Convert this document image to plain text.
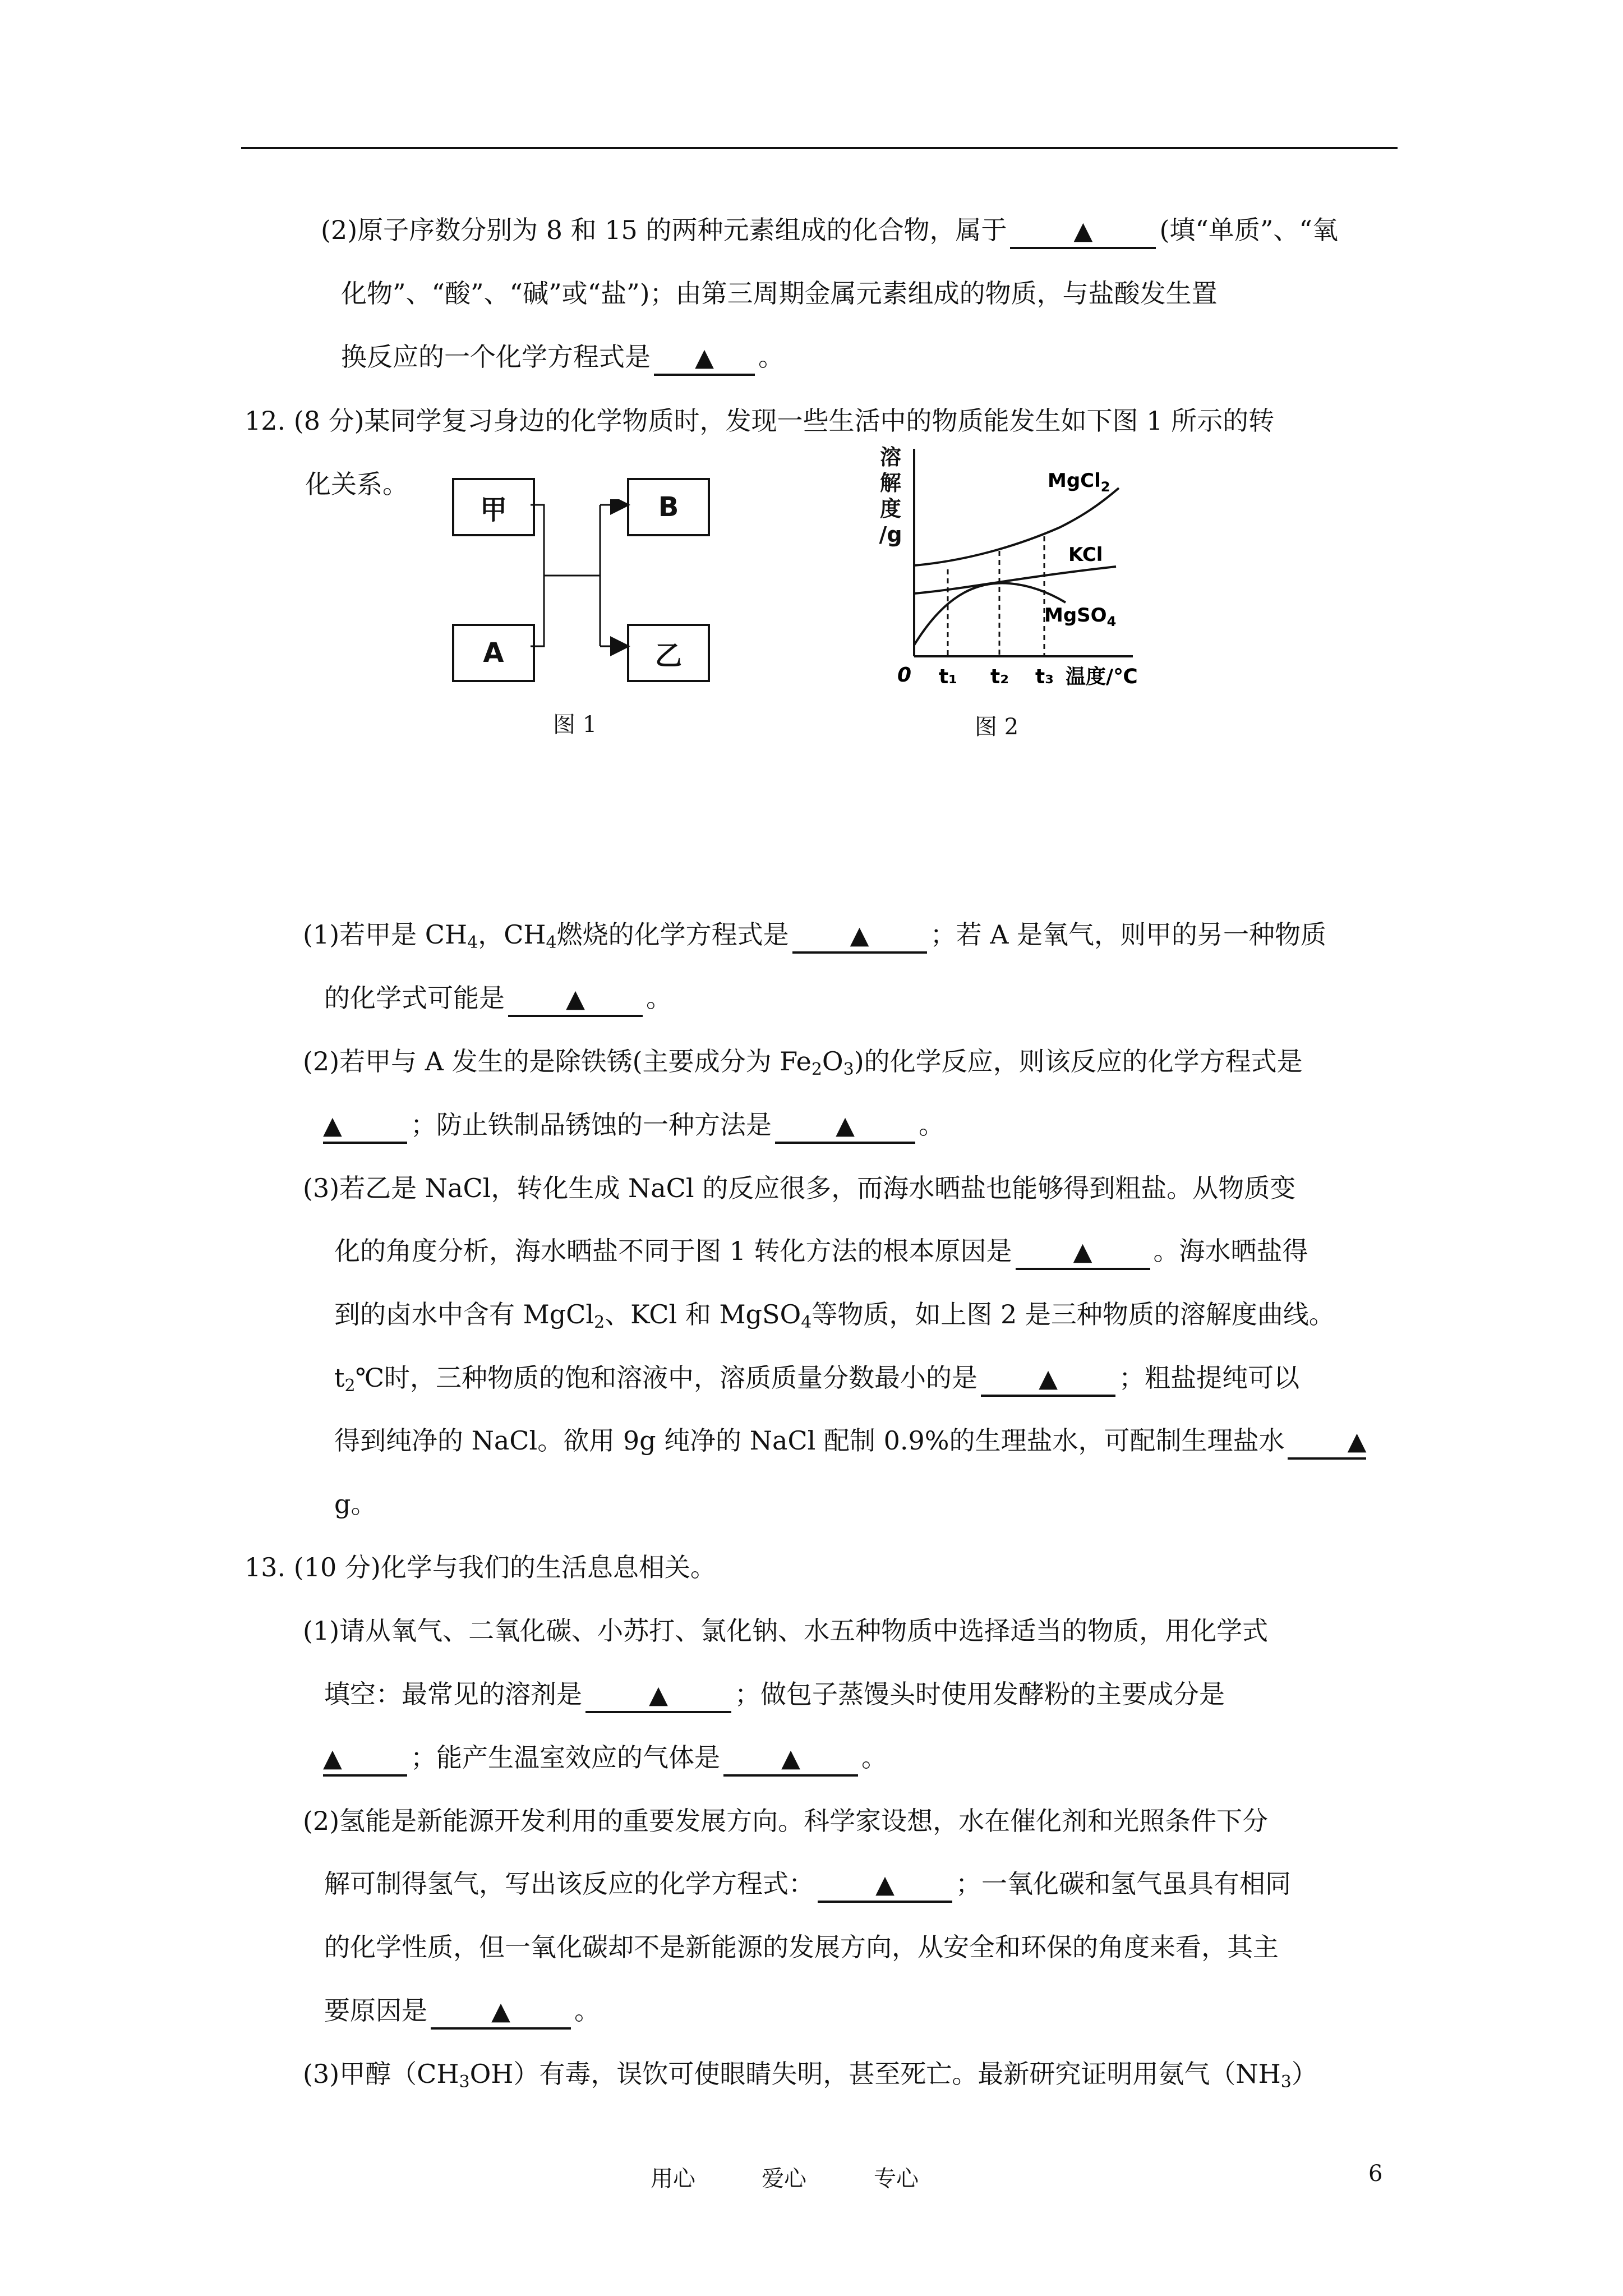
(2)原子序数分别为 8 和 15 的两种元素组成的化合物，属于	▲	(填“单质”、“氧
化物”、“酸”、“碱”或“盐”)；由第三周期金属元素组成的物质，与盐酸发生置
换反应的一个化学方程式是 ▲ 。
12. (8 分)某同学复习身边的化学物质时，发现一些生活中的物质能发生如下图 1 所示的转
化关系。
甲	B
A	乙
图 1
溶
解
度
/g
MgCl$_2$
KCl
MgSO$_4$
0 t₁ t₂ t₃ 温度/℃
图 2
(1)若甲是 $CH_4$，$CH_4$燃烧的化学方程式是 ▲ ；若 A 是氧气，则甲的另一种物质
的化学式可能是 ▲ 。
(2)若甲与 A 发生的是除铁锈(主要成分为 $Fe_2O_3$)的化学反应，则该反应的化学方程式是
▲	；防止铁制品锈蚀的一种方法是	▲ 。
(3)若乙是 NaCl，转化生成 NaCl 的反应很多，而海水晒盐也能够得到粗盐。从物质变
化的角度分析，海水晒盐不同于图 1 转化方法的根本原因是 ▲ 。海水晒盐得
到的卤水中含有 MgCl$_2$、KCl 和 MgSO$_4$等物质，如上图 2 是三种物质的溶解度曲线。
$t_2℃$时，三种物质的饱和溶液中，溶质质量分数最小的是 ▲ ；粗盐提纯可以
得到纯净的 NaCl。欲用 9g 纯净的 NaCl 配制 0.9%的生理盐水，可配制生理盐水	▲
g。
13. (10 分)化学与我们的生活息息相关。
(1)请从氧气、二氧化碳、小苏打、氯化钠、水五种物质中选择适当的物质，用化学式
填空：最常见的溶剂是	▲	；做包子蒸馒头时使用发酵粉的主要成分是
▲	；能产生温室效应的气体是 ▲ 。
(2)氢能是新能源开发利用的重要发展方向。科学家设想，水在催化剂和光照条件下分
解可制得氢气，写出该反应的化学方程式： ▲ ；一氧化碳和氢气虽具有相同
的化学性质，但一氧化碳却不是新能源的发展方向，从安全和环保的角度来看，其主
要原因是	▲ 。
(3)甲醇$(CH_3OH)$有毒，误饮可使眼睛失明，甚至死亡。最新研究证明用氨气$(NH_3)$
用心	爱心	专心	6
